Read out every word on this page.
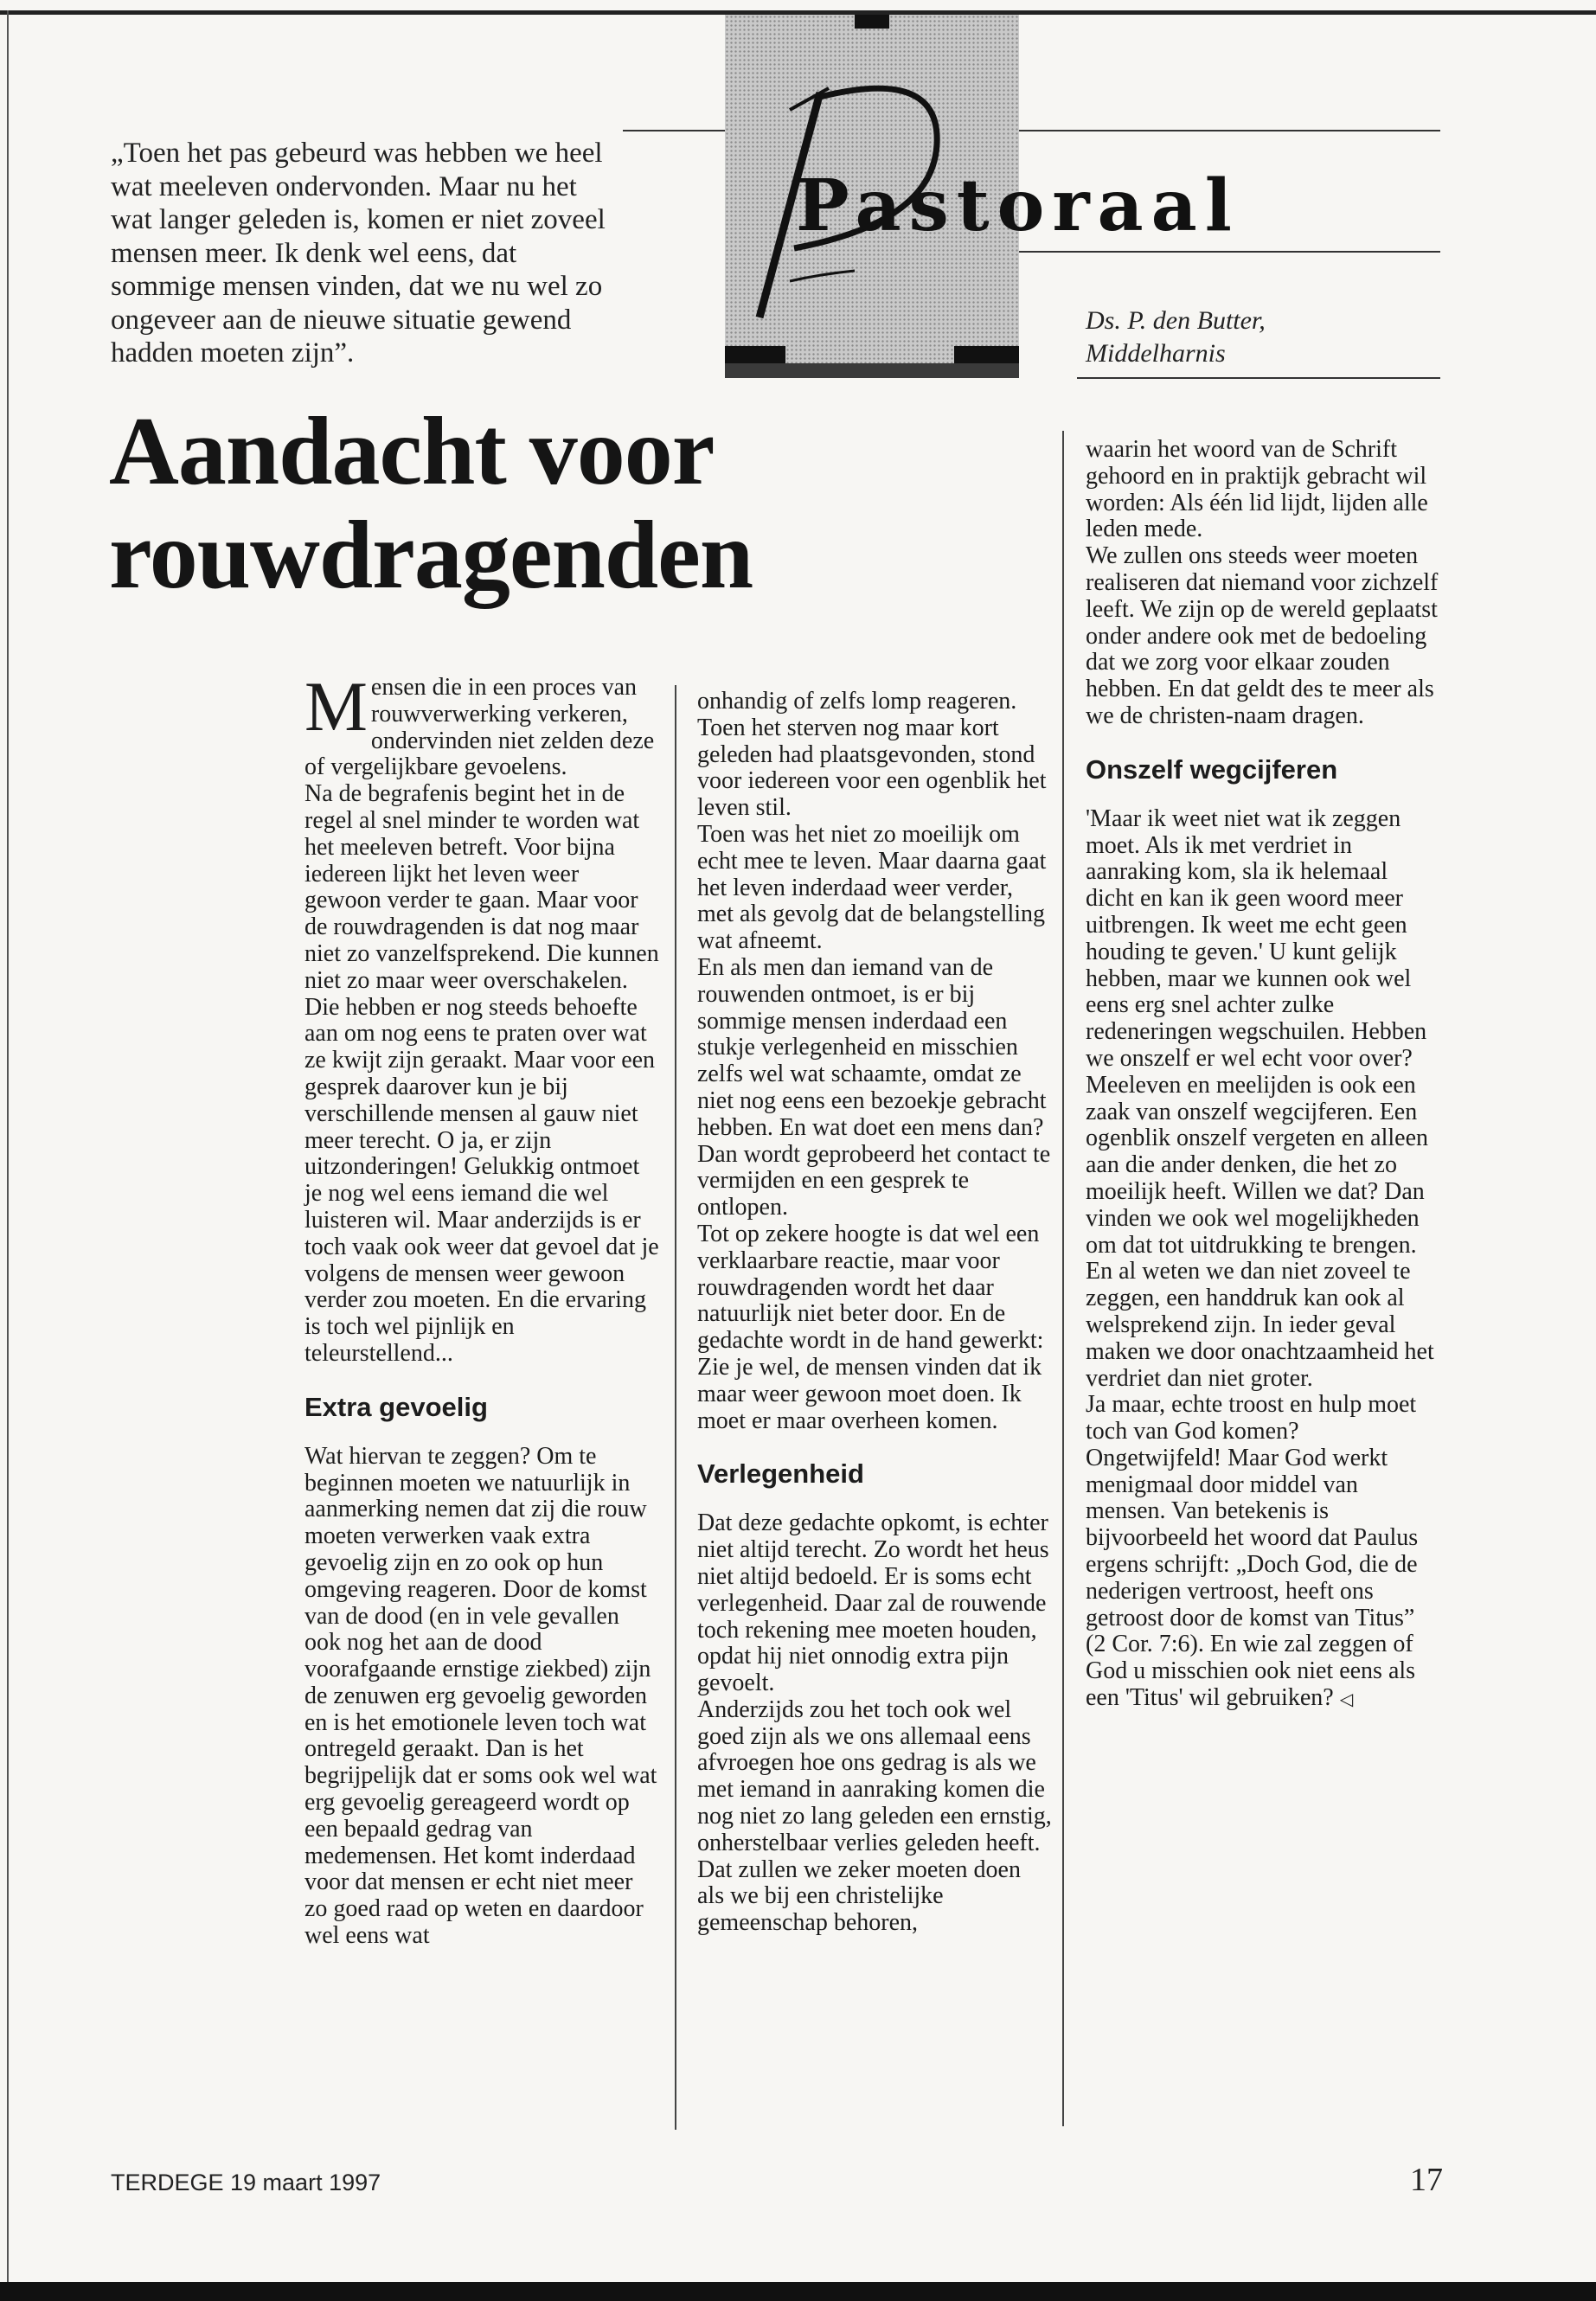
Pastoraal
Ds. P. den Butter,
Middelharnis
„Toen het pas gebeurd was hebben we heel wat meeleven ondervonden. Maar nu het wat langer geleden is, komen er niet zoveel mensen meer. Ik denk wel eens, dat sommige mensen vinden, dat we nu wel zo ongeveer aan de nieuwe situatie gewend hadden moeten zijn”.
Aandacht voor
rouwdragenden

Mensen die in een proces van rouwverwerking verkeren, ondervinden niet zelden deze of vergelijkbare gevoelens.

Na de begrafenis begint het in de regel al snel minder te worden wat het meeleven betreft. Voor bijna iedereen lijkt het leven weer gewoon verder te gaan. Maar voor de rouwdragenden is dat nog maar niet zo vanzelfsprekend. Die kunnen niet zo maar weer overschakelen. Die hebben er nog steeds behoefte aan om nog eens te praten over wat ze kwijt zijn geraakt. Maar voor een gesprek daarover kun je bij verschillende mensen al gauw niet meer terecht. O ja, er zijn uitzonderingen! Gelukkig ontmoet je nog wel eens iemand die wel luisteren wil. Maar anderzijds is er toch vaak ook weer dat gevoel dat je volgens de mensen weer gewoon verder zou moeten. En die ervaring is toch wel pijnlijk en teleurstellend...

Extra gevoelig

Wat hiervan te zeggen? Om te beginnen moeten we natuurlijk in aanmerking nemen dat zij die rouw moeten verwerken vaak extra gevoelig zijn en zo ook op hun omgeving reageren. Door de komst van de dood (en in vele gevallen ook nog het aan de dood voorafgaande ernstige ziekbed) zijn de zenuwen erg gevoelig geworden en is het emotionele leven toch wat ontregeld geraakt. Dan is het begrijpelijk dat er soms ook wel wat erg gevoelig gereageerd wordt op een bepaald gedrag van medemensen. Het komt inderdaad voor dat mensen er echt niet meer zo goed raad op weten en daardoor wel eens wat

onhandig of zelfs lomp reageren. Toen het sterven nog maar kort geleden had plaatsgevonden, stond voor iedereen voor een ogenblik het leven stil.

Toen was het niet zo moeilijk om echt mee te leven. Maar daarna gaat het leven inderdaad weer verder, met als gevolg dat de belangstelling wat afneemt.

En als men dan iemand van de rouwenden ontmoet, is er bij sommige mensen inderdaad een stukje verlegenheid en misschien zelfs wel wat schaamte, omdat ze niet nog eens een bezoekje gebracht hebben. En wat doet een mens dan? Dan wordt geprobeerd het contact te vermijden en een gesprek te ontlopen.

Tot op zekere hoogte is dat wel een verklaarbare reactie, maar voor rouwdragenden wordt het daar natuurlijk niet beter door. En de gedachte wordt in de hand gewerkt: Zie je wel, de mensen vinden dat ik maar weer gewoon moet doen. Ik moet er maar overheen komen.

Verlegenheid

Dat deze gedachte opkomt, is echter niet altijd terecht. Zo wordt het heus niet altijd bedoeld. Er is soms echt verlegenheid. Daar zal de rouwende toch rekening mee moeten houden, opdat hij niet onnodig extra pijn gevoelt.

Anderzijds zou het toch ook wel goed zijn als we ons allemaal eens afvroegen hoe ons gedrag is als we met iemand in aanraking komen die nog niet zo lang geleden een ernstig, onherstelbaar verlies geleden heeft. Dat zullen we zeker moeten doen als we bij een christelijke gemeenschap behoren,

waarin het woord van de Schrift gehoord en in praktijk gebracht wil worden: Als één lid lijdt, lijden alle leden mede.

We zullen ons steeds weer moeten realiseren dat niemand voor zichzelf leeft. We zijn op de wereld geplaatst onder andere ook met de bedoeling dat we zorg voor elkaar zouden hebben. En dat geldt des te meer als we de christen-naam dragen.

Onszelf wegcijferen

'Maar ik weet niet wat ik zeggen moet. Als ik met verdriet in aanraking kom, sla ik helemaal dicht en kan ik geen woord meer uitbrengen. Ik weet me echt geen houding te geven.' U kunt gelijk hebben, maar we kunnen ook wel eens erg snel achter zulke redeneringen wegschuilen. Hebben we onszelf er wel echt voor over? Meeleven en meelijden is ook een zaak van onszelf wegcijferen. Een ogenblik onszelf vergeten en alleen aan die ander denken, die het zo moeilijk heeft. Willen we dat? Dan vinden we ook wel mogelijkheden om dat tot uitdrukking te brengen. En al weten we dan niet zoveel te zeggen, een handdruk kan ook al welsprekend zijn. In ieder geval maken we door onachtzaamheid het verdriet dan niet groter.

Ja maar, echte troost en hulp moet toch van God komen? Ongetwijfeld! Maar God werkt menigmaal door middel van mensen. Van betekenis is bijvoorbeeld het woord dat Paulus ergens schrijft: „Doch God, die de nederigen vertroost, heeft ons getroost door de komst van Titus” (2 Cor. 7:6). En wie zal zeggen of God u misschien ook niet eens als een 'Titus' wil gebruiken? ◁

TERDEGE 19 maart 1997	17
